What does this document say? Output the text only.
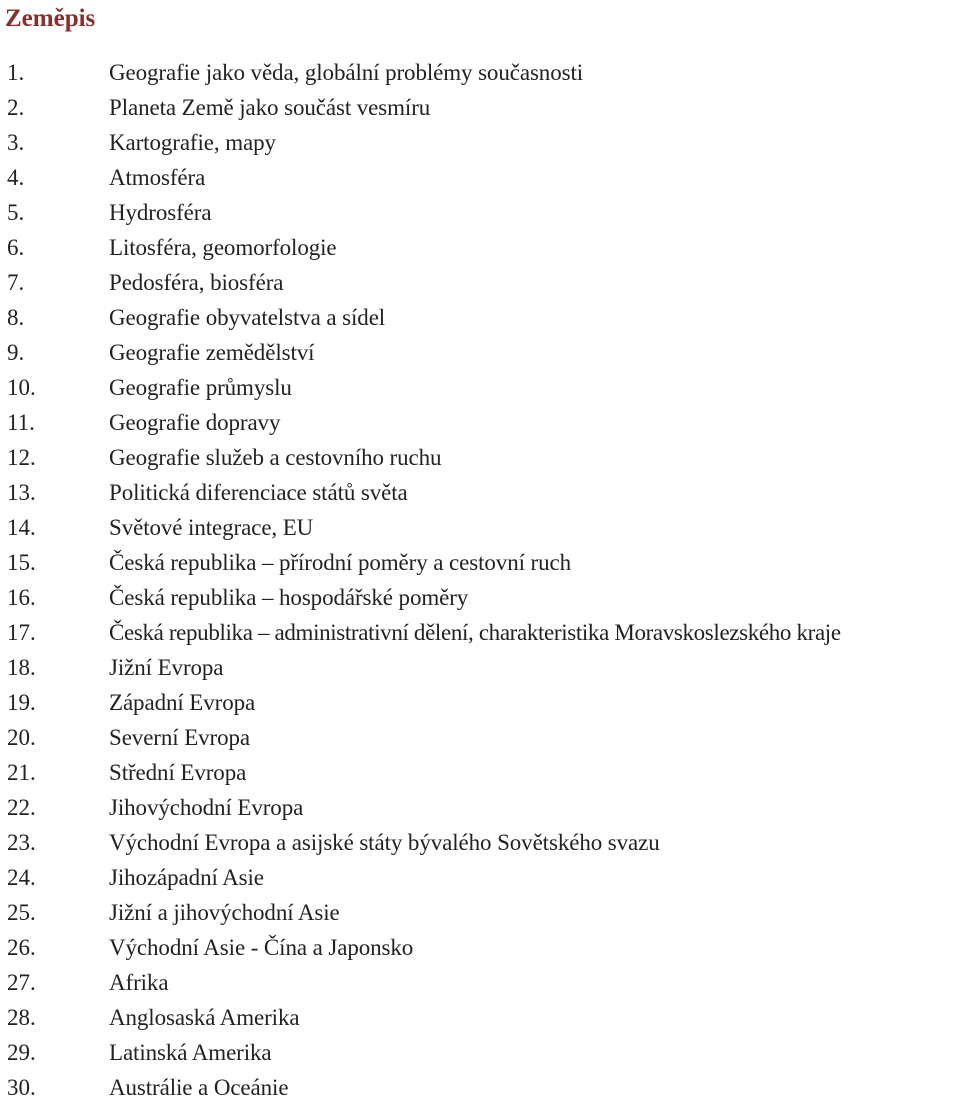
Zeměpis
1.	Geografie jako věda, globální problémy současnosti
2.	Planeta Země jako součást vesmíru
3.	Kartografie, mapy
4.	Atmosféra
5.	Hydrosféra
6.	Litosféra, geomorfologie
7.	Pedosféra, biosféra
8.	Geografie obyvatelstva a sídel
9.	Geografie zemědělství
10.	Geografie průmyslu
11.	Geografie dopravy
12.	Geografie služeb a cestovního ruchu
13.	Politická diferenciace států světa
14.	Světové integrace, EU
15.	Česká republika – přírodní poměry a cestovní ruch
16.	Česká republika – hospodářské poměry
17.	Česká republika – administrativní dělení, charakteristika Moravskoslezského kraje
18.	Jižní Evropa
19.	Západní Evropa
20.	Severní Evropa
21.	Střední Evropa
22.	Jihovýchodní Evropa
23.	Východní Evropa a asijské státy bývalého Sovětského svazu
24.	Jihozápadní Asie
25.	Jižní a jihovýchodní Asie
26.	Východní Asie - Čína a Japonsko
27.	Afrika
28.	Anglosaská Amerika
29.	Latinská Amerika
30.	Austrálie a Oceánie
